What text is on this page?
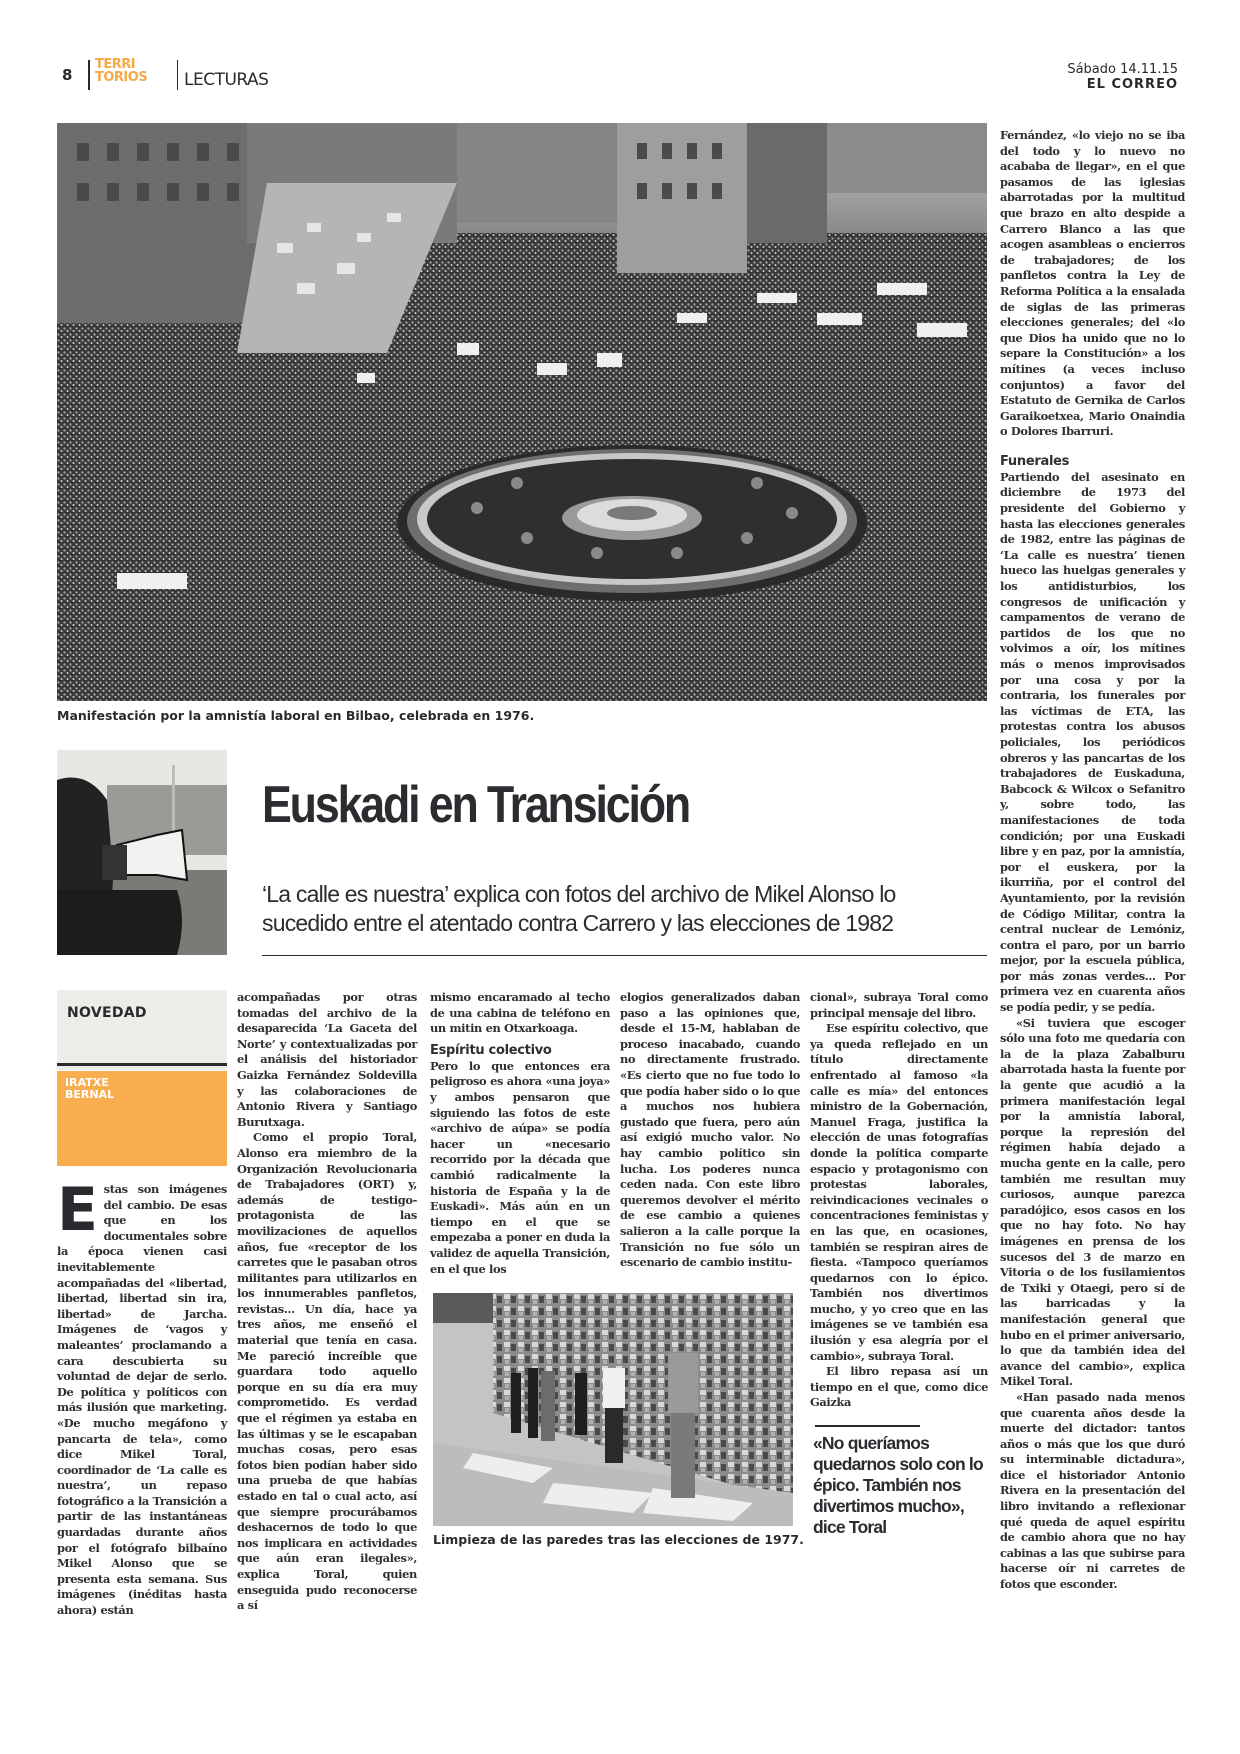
8
TERRI
TORIOS LECTURAS
Sábado 14.11.15
EL CORREO
Manifestación por la amnistía laboral en Bilbao, celebrada en 1976.
Euskadi en Transición
‘La calle es nuestra’ explica con fotos del archivo de Mikel Alonso lo sucedido entre el atentado contra Carrero y las elecciones de 1982
NOVEDAD
IRATXE
BERNAL
E stas son imágenes del cambio. De esas que en los documentales sobre la época vienen casi inevitablemente acompañadas del «libertad, libertad, libertad sin ira, libertad» de Jarcha. Imágenes de ‘vagos y maleantes’ proclamando a cara descubierta su voluntad de dejar de serlo. De política y políticos con más ilusión que marketing. «De mucho megáfono y pancarta de tela», como dice Mikel Toral, coordinador de ‘La calle es nuestra’, un repaso fotográfico a la Transición a partir de las instantáneas guardadas durante años por el fotógrafo bilbaíno Mikel Alonso que se presenta esta semana. Sus imágenes (inéditas hasta ahora) están

acompañadas por otras tomadas del archivo de la desaparecida ‘La Gaceta del Norte’ y contextualizadas por el análisis del historiador Gaizka Fernández Soldevilla y las colaboraciones de Antonio Rivera y Santiago Burutxaga.

Como el propio Toral, Alonso era miembro de la Organización Revolucionaria de Trabajadores (ORT) y, además de testigo-protagonista de las movilizaciones de aquellos años, fue «receptor de los carretes que le pasaban otros militantes para utilizarlos en los innumerables panfletos, revistas... Un día, hace ya tres años, me enseñó el material que tenía en casa. Me pareció increíble que guardara todo aquello porque en su día era muy comprometido. Es verdad que el régimen ya estaba en las últimas y se le escapaban muchas cosas, pero esas fotos bien podían haber sido una prueba de que habías estado en tal o cual acto, así que siempre procurábamos deshacernos de todo lo que nos implicara en actividades que aún eran ilegales», explica Toral, quien enseguida pudo reconocerse a sí

mismo encaramado al techo de una cabina de teléfono en un mitin en Otxarkoaga.

Espíritu colectivo

Pero lo que entonces era peligroso es ahora «una joya» y ambos pensaron que siguiendo las fotos de este «archivo de aúpa» se podía hacer un «necesario recorrido por la década que cambió radicalmente la historia de España y la de Euskadi». Más aún en un tiempo en el que se empezaba a poner en duda la validez de aquella Transición, en el que los

elogios generalizados daban paso a las opiniones que, desde el 15-M, hablaban de proceso inacabado, cuando no directamente frustrado. «Es cierto que no fue todo lo que podía haber sido o lo que a muchos nos hubiera gustado que fuera, pero aún así exigió mucho valor. No hay cambio político sin lucha. Los poderes nunca ceden nada. Con este libro queremos devolver el mérito de ese cambio a quienes salieron a la calle porque la Transición no fue sólo un escenario de cambio institu-

cional», subraya Toral como principal mensaje del libro.

Ese espíritu colectivo, que ya queda reflejado en un título directamente enfrentado al famoso «la calle es mía» del entonces ministro de la Gobernación, Manuel Fraga, justifica la elección de unas fotografías donde la política comparte espacio y protagonismo con protestas laborales, reivindicaciones vecinales o concentraciones feministas y en las que, en ocasiones, también se respiran aires de fiesta. «Tampoco queríamos quedarnos con lo épico. También nos divertimos mucho, y yo creo que en las imágenes se ve también esa ilusión y esa alegría por el cambio», subraya Toral.

El libro repasa así un tiempo en el que, como dice Gaizka

«No queríamos quedarnos solo con lo épico. También nos divertimos mucho», dice Toral
Limpieza de las paredes tras las elecciones de 1977.

Fernández, «lo viejo no se iba del todo y lo nuevo no acababa de llegar», en el que pasamos de las iglesias abarrotadas por la multitud que brazo en alto despide a Carrero Blanco a las que acogen asambleas o encierros de trabajadores; de los panfletos contra la Ley de Reforma Política a la ensalada de siglas de las primeras elecciones generales; del «lo que Dios ha unido que no lo separe la Constitución» a los mítines (a veces incluso conjuntos) a favor del Estatuto de Gernika de Carlos Garaikoetxea, Mario Onaindia o Dolores Ibarruri.

Funerales

Partiendo del asesinato en diciembre de 1973 del presidente del Gobierno y hasta las elecciones generales de 1982, entre las páginas de ‘La calle es nuestra’ tienen hueco las huelgas generales y los antidisturbios, los congresos de unificación y campamentos de verano de partidos de los que no volvimos a oír, los mítines más o menos improvisados por una cosa y por la contraria, los funerales por las víctimas de ETA, las protestas contra los abusos policiales, los periódicos obreros y las pancartas de los trabajadores de Euskaduna, Babcock & Wilcox o Sefanitro y, sobre todo, las manifestaciones de toda condición; por una Euskadi libre y en paz, por la amnistía, por el euskera, por la ikurriña, por el control del Ayuntamiento, por la revisión de Código Militar, contra la central nuclear de Lemóniz, contra el paro, por un barrio mejor, por la escuela pública, por más zonas verdes... Por primera vez en cuarenta años se podía pedir, y se pedía.

«Si tuviera que escoger sólo una foto me quedaría con la de la plaza Zabalburu abarrotada hasta la fuente por la gente que acudió a la primera manifestación legal por la amnistía laboral, porque la represión del régimen había dejado a mucha gente en la calle, pero también me resultan muy curiosos, aunque parezca paradójico, esos casos en los que no hay foto. No hay imágenes en prensa de los sucesos del 3 de marzo en Vitoria o de los fusilamientos de Txiki y Otaegi, pero sí de las barricadas y la manifestación general que hubo en el primer aniversario, lo que da también idea del avance del cambio», explica Mikel Toral.

«Han pasado nada menos que cuarenta años desde la muerte del dictador: tantos años o más que los que duró su interminable dictadura», dice el historiador Antonio Rivera en la presentación del libro invitando a reflexionar qué queda de aquel espíritu de cambio ahora que no hay cabinas a las que subirse para hacerse oír ni carretes de fotos que esconder.
